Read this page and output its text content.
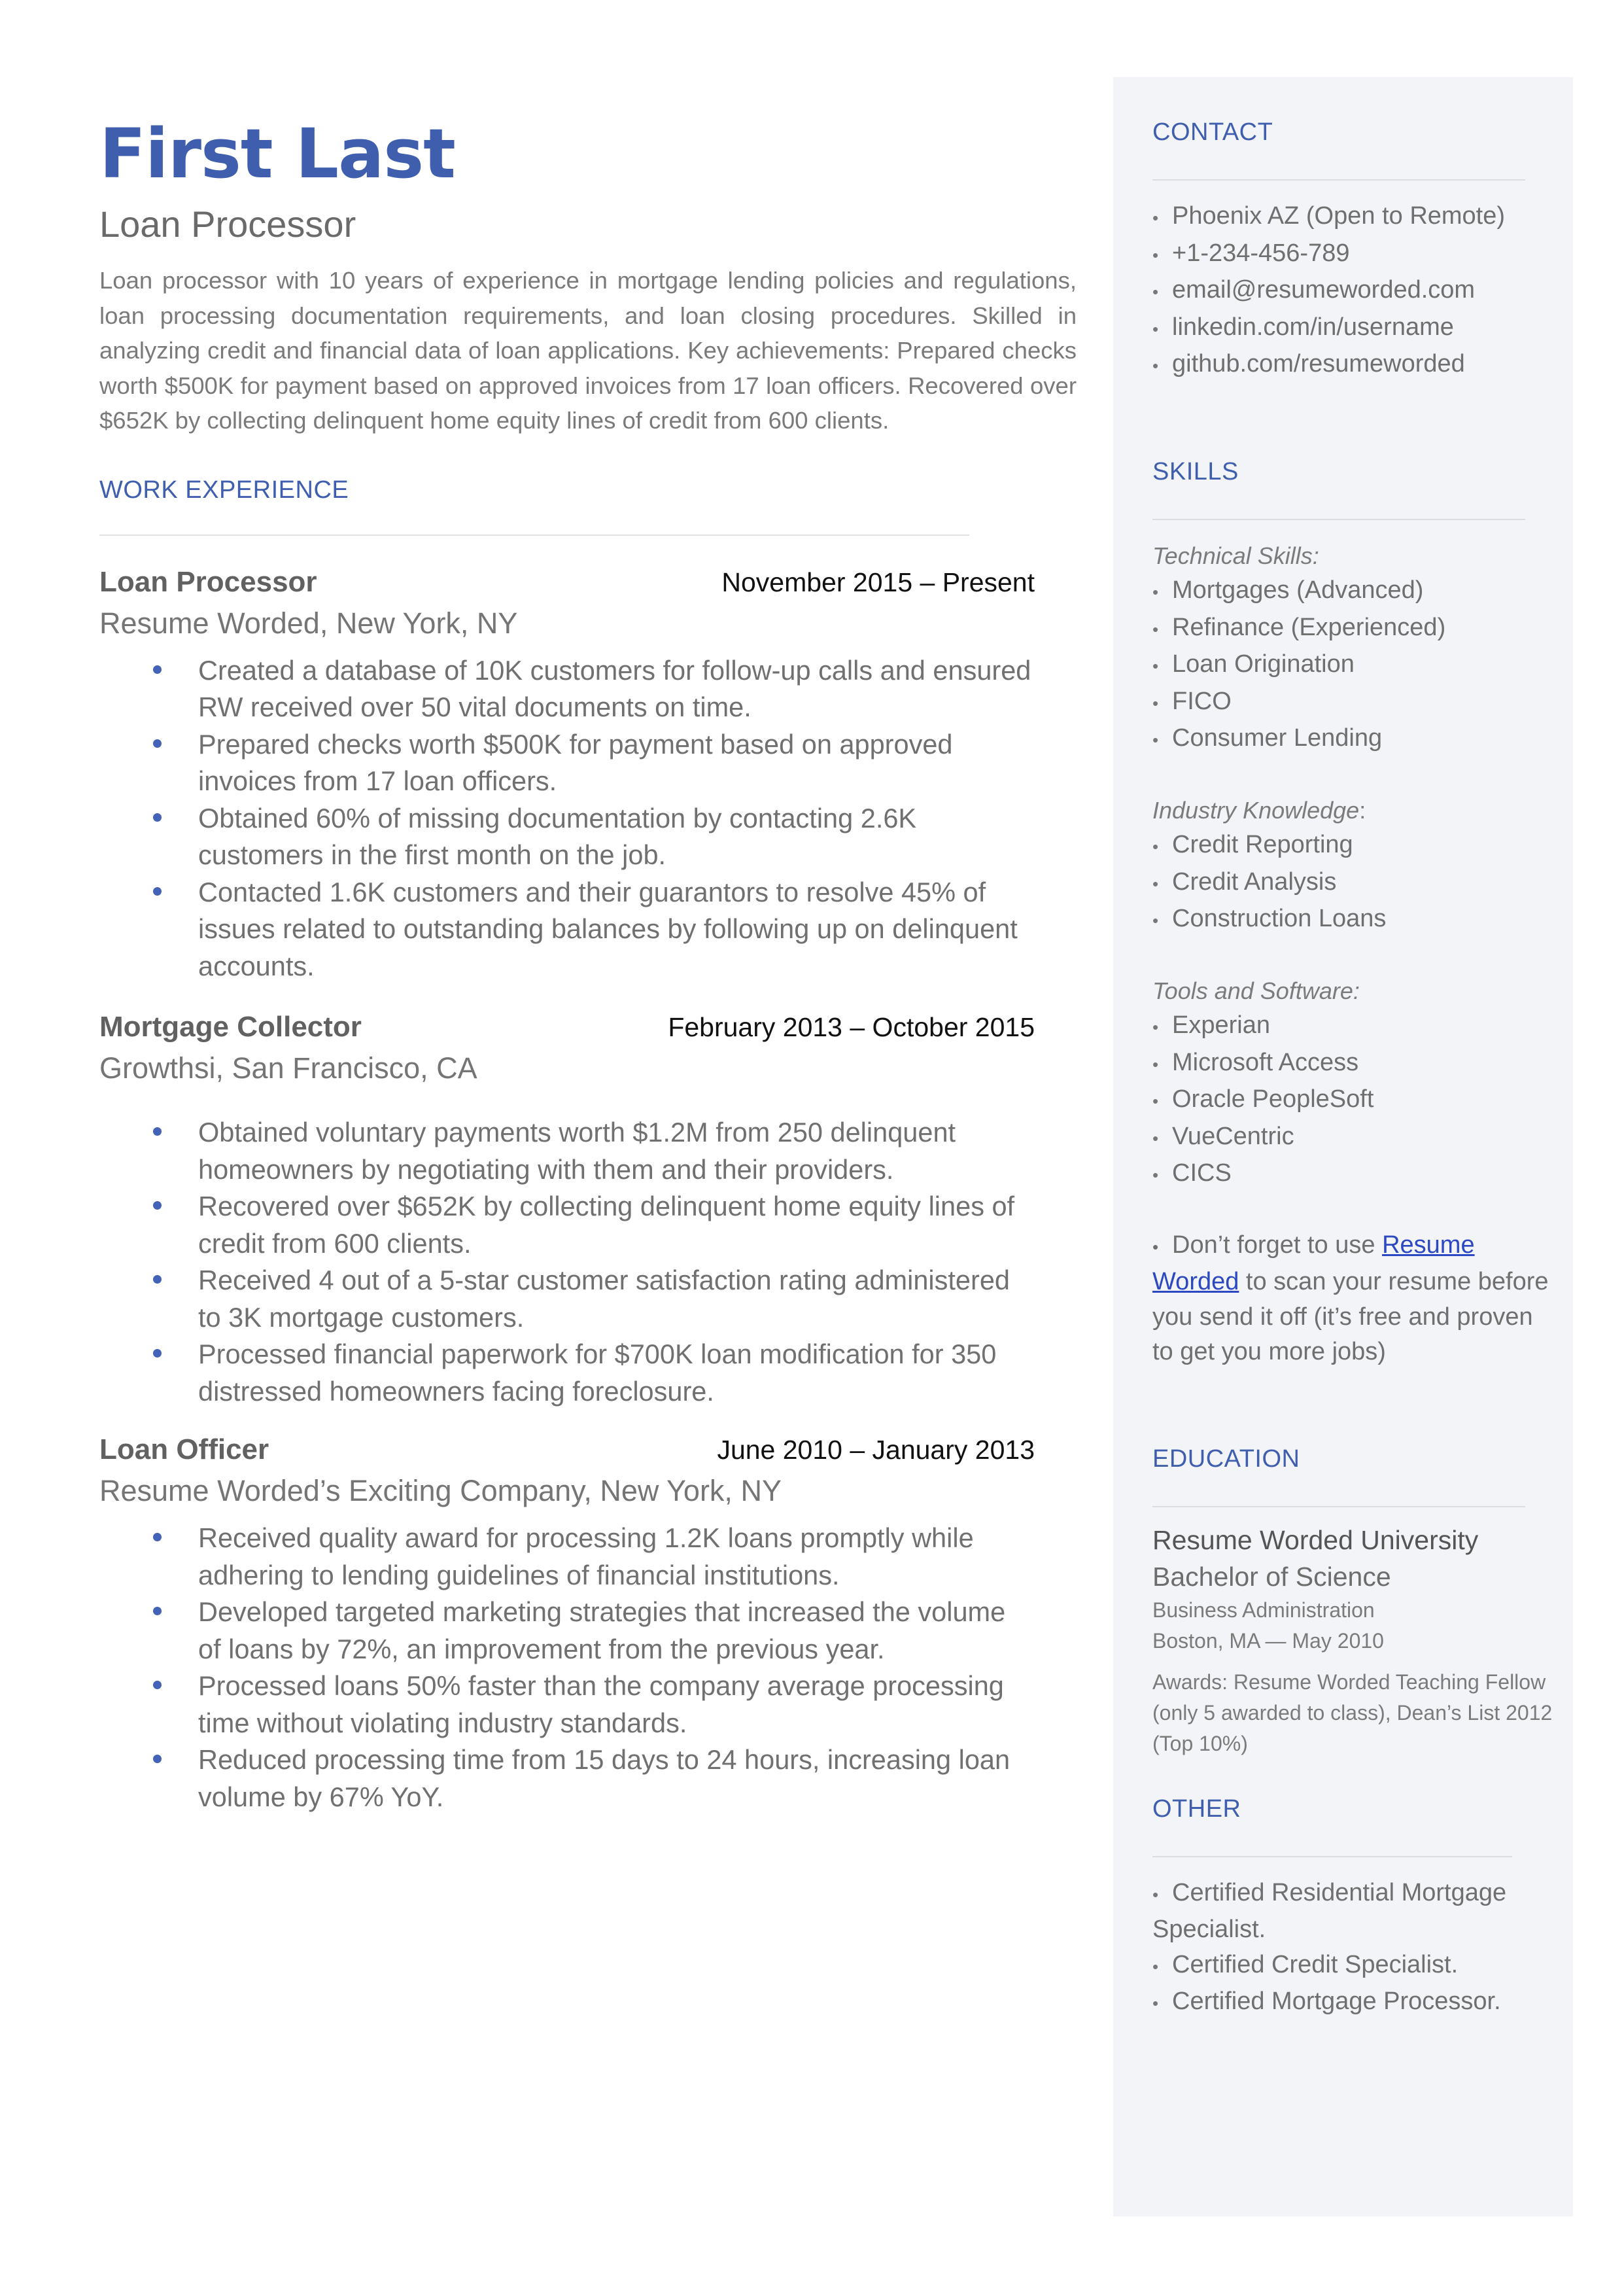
First Last
Loan Processor

Loan processor with 10 years of experience in mortgage lending policies and regulations, loan processing documentation requirements, and loan closing procedures. Skilled in analyzing credit and financial data of loan applications. Key achievements: Prepared checks worth $500K for payment based on approved invoices from 17 loan officers. Recovered over $652K by collecting delinquent home equity lines of credit from 600 clients.

WORK EXPERIENCE
Loan Processor	November 2015 – Present
Resume Worded, New York, NY
Created a database of 10K customers for follow-up calls and ensured RW received over 50 vital documents on time.
Prepared checks worth $500K for payment based on approved invoices from 17 loan officers.
Obtained 60% of missing documentation by contacting 2.6K customers in the first month on the job.
Contacted 1.6K customers and their guarantors to resolve 45% of issues related to outstanding balances by following up on delinquent accounts.
Mortgage Collector	February 2013 – October 2015
Growthsi, San Francisco, CA
Obtained voluntary payments worth $1.2M from 250 delinquent homeowners by negotiating with them and their providers.
Recovered over $652K by collecting delinquent home equity lines of credit from 600 clients.
Received 4 out of a 5-star customer satisfaction rating administered to 3K mortgage customers.
Processed financial paperwork for $700K loan modification for 350 distressed homeowners facing foreclosure.
Loan Officer	June 2010 – January 2013
Resume Worded’s Exciting Company, New York, NY
Received quality award for processing 1.2K loans promptly while adhering to lending guidelines of financial institutions.
Developed targeted marketing strategies that increased the volume of loans by 72%, an improvement from the previous year.
Processed loans 50% faster than the company average processing time without violating industry standards.
Reduced processing time from 15 days to 24 hours, increasing loan volume by 67% YoY.
CONTACT
• Phoenix AZ (Open to Remote)
• +1-234-456-789
• email@resumeworded.com
• linkedin.com/in/username
• github.com/resumeworded
SKILLS
Technical Skills:
• Mortgages (Advanced)
• Refinance (Experienced)
• Loan Origination
• FICO
• Consumer Lending
Industry Knowledge:
• Credit Reporting
• Credit Analysis
• Construction Loans
Tools and Software:
• Experian
• Microsoft Access
• Oracle PeopleSoft
• VueCentric
• CICS

• Don’t forget to use Resume Worded to scan your resume before you send it off (it’s free and proven to get you more jobs)

EDUCATION
Resume Worded University
Bachelor of Science
Business Administration
Boston, MA — May 2010
Awards: Resume Worded Teaching Fellow (only 5 awarded to class), Dean’s List 2012 (Top 10%)
OTHER
• Certified Residential Mortgage Specialist.
• Certified Credit Specialist.
• Certified Mortgage Processor.
